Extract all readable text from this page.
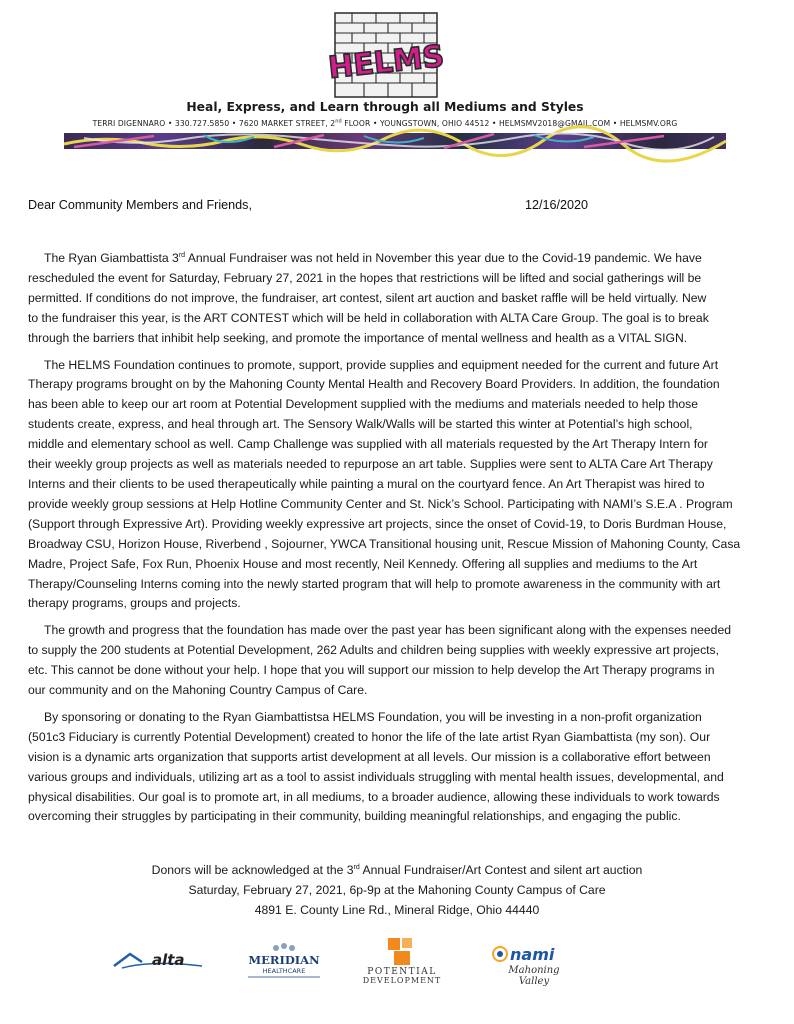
HELMS
Heal, Express, and Learn through all Mediums and Styles
TERRI DIGENNARO • 330.727.5850 • 7620 MARKET STREET, 2nd FLOOR • YOUNGSTOWN, OHIO 44512 • HELMSMV2018@GMAIL.COM • HELMSMV.ORG
Dear Community Members and Friends,	12/16/2020

The Ryan Giambattista 3rd Annual Fundraiser was not held in November this year due to the Covid-19 pandemic. We have
rescheduled the event for Saturday, February 27, 2021 in the hopes that restrictions will be lifted and social gatherings will be
permitted. If conditions do not improve, the fundraiser, art contest, silent art auction and basket raffle will be held virtually. New
to the fundraiser this year, is the ART CONTEST which will be held in collaboration with ALTA Care Group. The goal is to break
through the barriers that inhibit help seeking, and promote the importance of mental wellness and health as a VITAL SIGN.

The HELMS Foundation continues to promote, support, provide supplies and equipment needed for the current and future Art
Therapy programs brought on by the Mahoning County Mental Health and Recovery Board Providers. In addition, the foundation
has been able to keep our art room at Potential Development supplied with the mediums and materials needed to help those
students create, express, and heal through art. The Sensory Walk/Walls will be started this winter at Potential’s high school,
middle and elementary school as well. Camp Challenge was supplied with all materials requested by the Art Therapy Intern for
their weekly group projects as well as materials needed to repurpose an art table. Supplies were sent to ALTA Care Art Therapy
Interns and their clients to be used therapeutically while painting a mural on the courtyard fence. An Art Therapist was hired to
provide weekly group sessions at Help Hotline Community Center and St. Nick’s School. Participating with NAMI’s S.E.A . Program
(Support through Expressive Art). Providing weekly expressive art projects, since the onset of Covid-19, to Doris Burdman House,
Broadway CSU, Horizon House, Riverbend , Sojourner, YWCA Transitional housing unit, Rescue Mission of Mahoning County, Casa
Madre, Project Safe, Fox Run, Phoenix House and most recently, Neil Kennedy. Offering all supplies and mediums to the Art
Therapy/Counseling Interns coming into the newly started program that will help to promote awareness in the community with art
therapy programs, groups and projects.

The growth and progress that the foundation has made over the past year has been significant along with the expenses needed
to supply the 200 students at Potential Development, 262 Adults and children being supplies with weekly expressive art projects,
etc. This cannot be done without your help. I hope that you will support our mission to help develop the Art Therapy programs in
our community and on the Mahoning Country Campus of Care.

By sponsoring or donating to the Ryan Giambattistsa HELMS Foundation, you will be investing in a non-profit organization
(501c3 Fiduciary is currently Potential Development) created to honor the life of the late artist Ryan Giambattista (my son). Our
vision is a dynamic arts organization that supports artist development at all levels. Our mission is a collaborative effort between
various groups and individuals, utilizing art as a tool to assist individuals struggling with mental health issues, developmental, and
physical disabilities. Our goal is to promote art, in all mediums, to a broader audience, allowing these individuals to work towards
overcoming their struggles by participating in their community, building meaningful relationships, and engaging the public.

Donors will be acknowledged at the 3rd Annual Fundraiser/Art Contest and silent art auction
Saturday, February 27, 2021, 6p-9p at the Mahoning County Campus of Care
4891 E. County Line Rd., Mineral Ridge, Ohio 44440
alta	MERIDIAN
HEALTHCARE	POTENTIAL
DEVELOPMENT
nami
Mahoning
Valley
